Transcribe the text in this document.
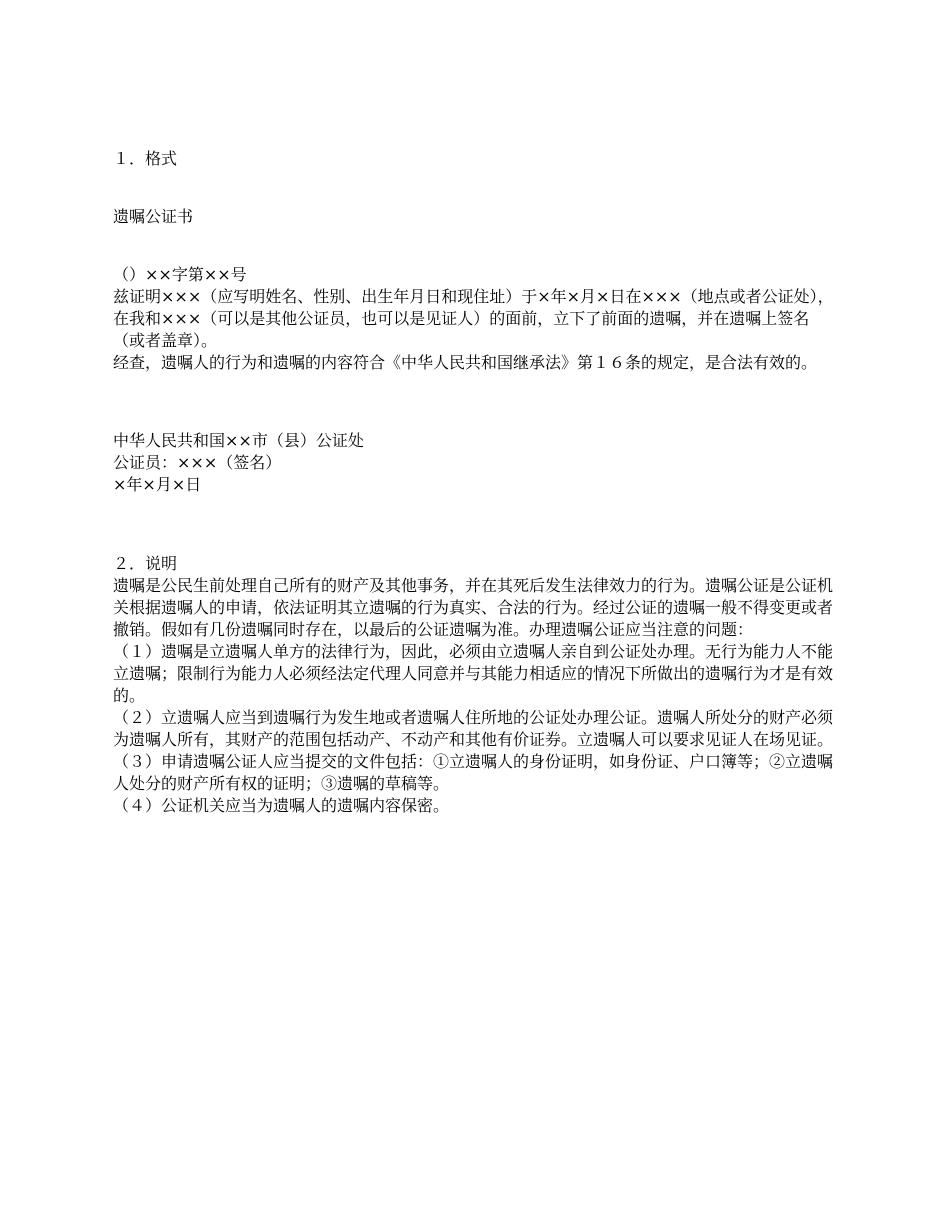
１．格式

遗嘱公证书

（）××字第××号

兹证明×××（应写明姓名、性别、出生年月日和现住址）于×年×月×日在×××（地点或者公证处），在我和×××（可以是其他公证员，也可以是见证人）的面前，立下了前面的遗嘱，并在遗嘱上签名（或者盖章）。

经查，遗嘱人的行为和遗嘱的内容符合《中华人民共和国继承法》第１６条的规定，是合法有效的。

中华人民共和国××市（县）公证处

公证员：×××（签名）

×年×月×日

２．说明

遗嘱是公民生前处理自己所有的财产及其他事务，并在其死后发生法律效力的行为。遗嘱公证是公证机关根据遗嘱人的申请，依法证明其立遗嘱的行为真实、合法的行为。经过公证的遗嘱一般不得变更或者撤销。假如有几份遗嘱同时存在，以最后的公证遗嘱为准。办理遗嘱公证应当注意的问题：

（１）遗嘱是立遗嘱人单方的法律行为，因此，必须由立遗嘱人亲自到公证处办理。无行为能力人不能立遗嘱；限制行为能力人必须经法定代理人同意并与其能力相适应的情况下所做出的遗嘱行为才是有效的。

（２）立遗嘱人应当到遗嘱行为发生地或者遗嘱人住所地的公证处办理公证。遗嘱人所处分的财产必须为遗嘱人所有，其财产的范围包括动产、不动产和其他有价证券。立遗嘱人可以要求见证人在场见证。

（３）申请遗嘱公证人应当提交的文件包括：①立遗嘱人的身份证明，如身份证、户口簿等；②立遗嘱人处分的财产所有权的证明；③遗嘱的草稿等。

（４）公证机关应当为遗嘱人的遗嘱内容保密。
